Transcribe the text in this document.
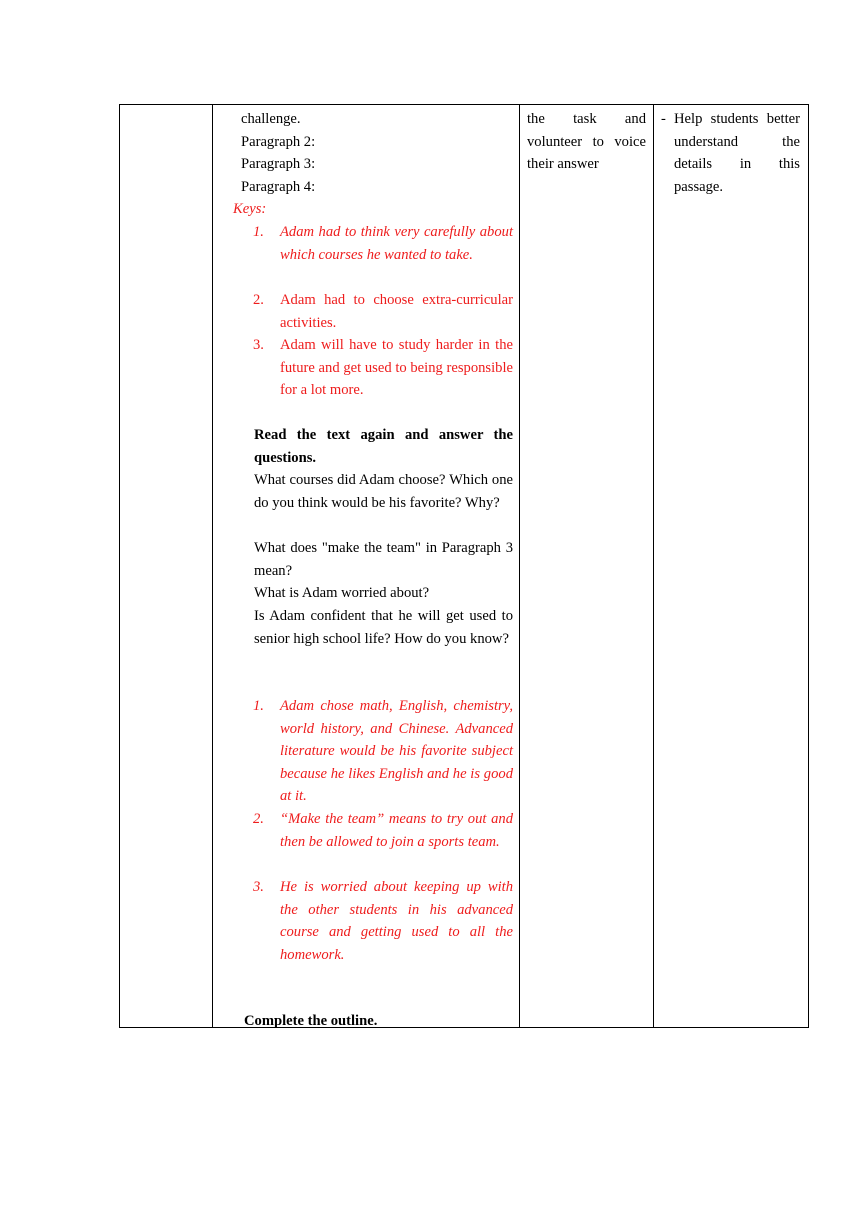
challenge.
Paragraph 2:
Paragraph 3:
Paragraph 4:
Keys:
1. Adam had to think very carefully about which courses he wanted to take.
2. Adam had to choose extra-curricular activities.
3. Adam will have to study harder in the future and get used to being responsible for a lot more.
Read the text again and answer the questions.
What courses did Adam choose? Which one do you think would be his favorite? Why?
What does "make the team" in Paragraph 3 mean?
What is Adam worried about?
Is Adam confident that he will get used to senior high school life? How do you know?
1. Adam chose math, English, chemistry, world history, and Chinese. Advanced literature would be his favorite subject because he likes English and he is good at it.
2. “Make the team” means to try out and then be allowed to join a sports team.
3. He is worried about keeping up with the other students in his advanced course and getting used to all the homework.
Complete the outline.

the task and volunteer to voice their answer

- Help students better understand the details in this passage.
